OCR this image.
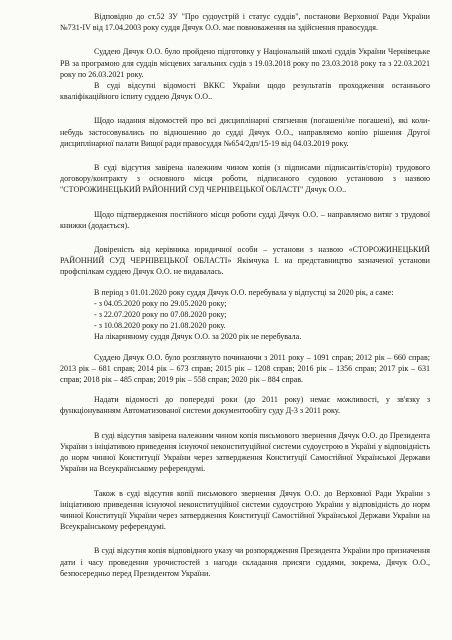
Відповідно до ст.52 ЗУ "Про судоустрій і статус суддів", постанови Верховної Ради України №731-IV від 17.04.2003 року суддя Дячук О.О. має повноваження на здійснення правосуддя.

Суддею Дячук О.О. було пройдено підготовку у Національній школі суддів України Чернівецьке РВ за програмою для суддів місцевих загальних судів з 19.03.2018 року по 23.03.2018 року та з 22.03.2021 року по 26.03.2021 року.

В суді відсутні відомості ВККС України щодо результатів проходження останнього кваліфікаційного іспиту суддею Дячук О.О..

Щодо надання відомостей про всі дисциплінарні стягнення (погашені/не погашені), які коли-небудь застосовувались по відношенню до судді Дячук О.О., направляємо копію рішення Другої дисциплінарної палати Вищої ради правосуддя №654/2дп/15-19 від 04.03.2019 року.

В суді відсутня завірена належним чином копія (з підписами підписантів/сторін) трудового договору/контракту з основного місця роботи, підписаного судовою установою з назвою "СТОРОЖИНЕЦЬКИЙ РАЙОННИЙ СУД ЧЕРНІВЕЦЬКОЇ ОБЛАСТІ" Дячук О.О..

Щодо підтвердження постійного місця роботи судді Дячук О.О. – направляємо витяг з трудової книжки (додається).

Довіреність від керівника юридичної особи – установи з назвою «СТОРОЖИНЕЦЬКИЙ РАЙОННИЙ СУД ЧЕРНІВЕЦЬКОЇ ОБЛАСТІ» Якімчука І. на представництво зазначеної установи профспілкам суддею Дячук О.О. не видавалась.

В період з 01.01.2020 року суддя Дячук О.О. перебувала у відпустці за 2020 рік, а саме:

- з 04.05.2020 року по 29.05.2020 року;
- з 22.07.2020 року по 07.08.2020 року;
- з 10.08.2020 року по 21.08.2020 року.
На лікарняному суддя Дячук О.О. за 2020 рік не перебувала.

Суддею Дячук О.О. було розглянуто починаючи з 2011 року – 1091 справ; 2012 рік – 660 справ; 2013 рік – 681 справ; 2014 рік – 673 справ; 2015 рік – 1208 справ; 2016 рік – 1356 справ; 2017 рік – 631 справ; 2018 рік – 485 справ; 2019 рік – 558 справ; 2020 рік – 884 справ.

Надати відомості до попередні роки (до 2011 року) немає можливості, у зв'язку з функціонуванням Автоматизованої системи документообігу суду Д-3 з 2011 року.

В суді відсутня завірена належним чином копія письмового звернення Дячук О.О. до Президента України з ініціативою приведення існуючої неконституційної системи судоустрою в Україні у відповідність до норм чинної Конституції України через затвердження Конституції Самостійної Української Держави України на Всеукраїнському референдумі.

Також в суді відсутня копії письмового звернення Дячук О.О. до Верховної Ради України з ініціативою приведення існуючої неконституційної системи судоустрою України у відповідність до норм чинної Конституції України через затвердження Конституції Самостійної Української Держави України на Всеукраїнському референдумі.

В суді відсутня копія відповідного указу чи розпорядження Президента України про призначення дати і часу проведення урочистостей з нагоди складання присяги суддями, зокрема, Дячук О.О., безпосередньо перед Президентом України.
